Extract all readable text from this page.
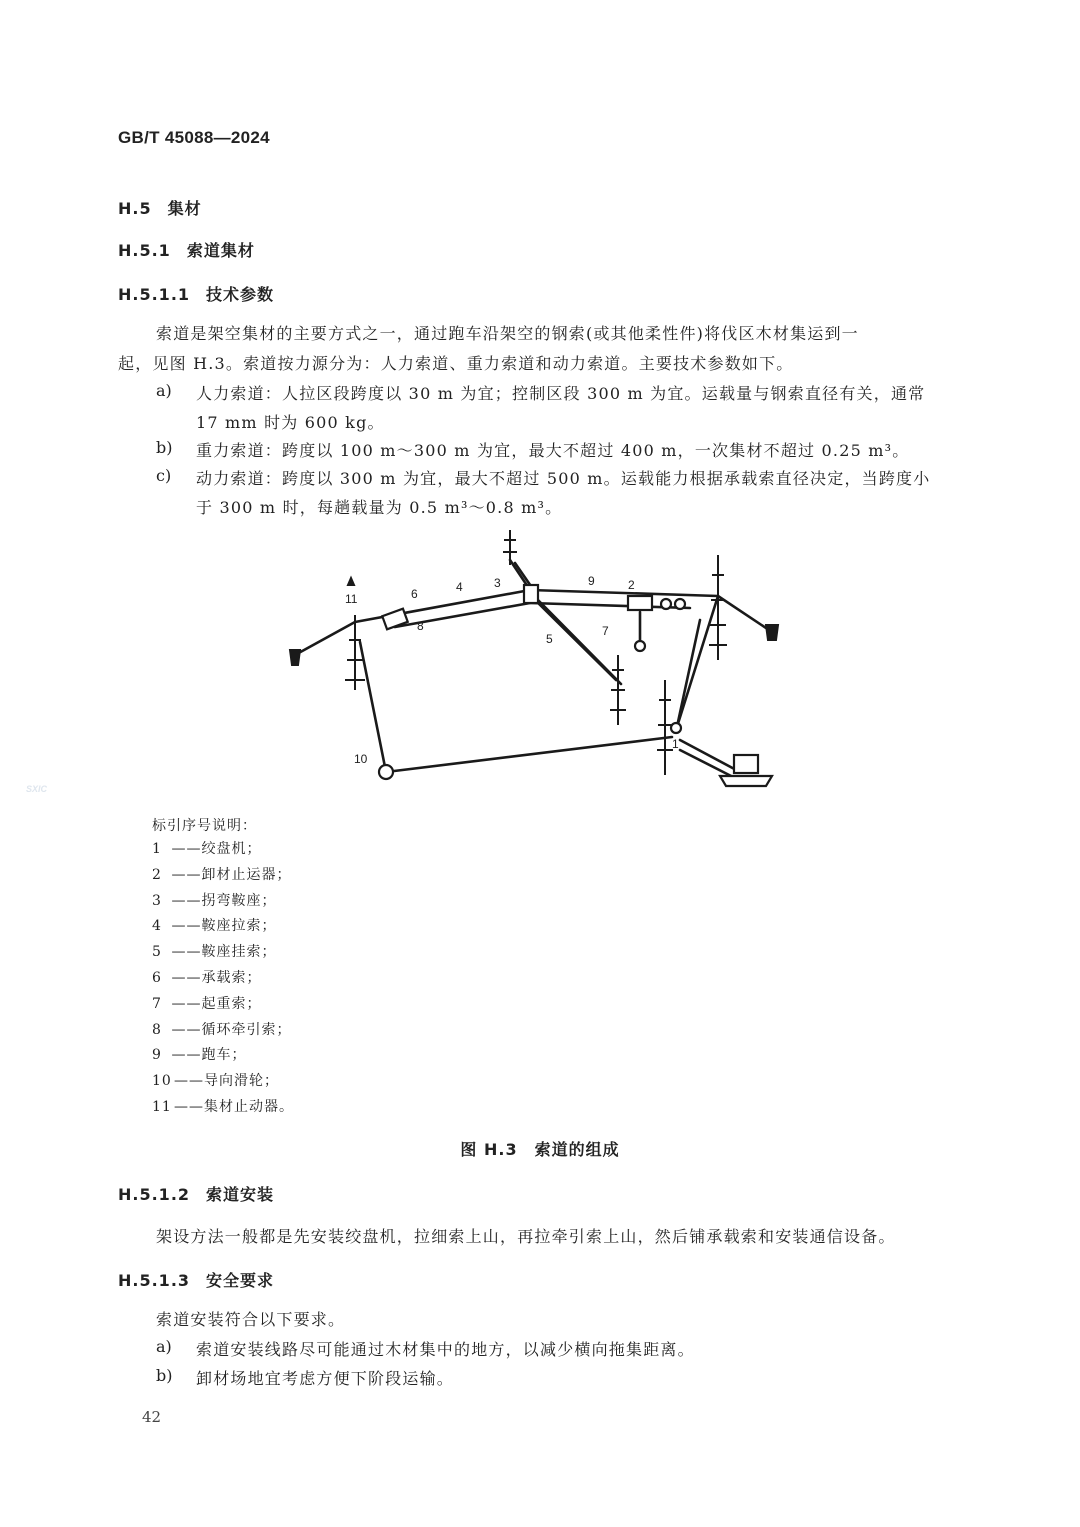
SXIC
GB/T 45088—2024
H.5 集材
H.5.1 索道集材
H.5.1.1 技术参数
索道是架空集材的主要方式之一，通过跑车沿架空的钢索(或其他柔性件)将伐区木材集运到一
起，见图 H.3。索道按力源分为：人力索道、重力索道和动力索道。主要技术参数如下。
a) 人力索道：人拉区段跨度以 30 m 为宜；控制区段 300 m 为宜。运载量与钢索直径有关，通常
17 mm 时为 600 kg。
b) 重力索道：跨度以 100 m～300 m 为宜，最大不超过 400 m，一次集材不超过 0.25 m³。
c) 动力索道：跨度以 300 m 为宜，最大不超过 500 m。运载能力根据承载索直径决定，当跨度小
于 300 m 时，每趟载量为 0.5 m³～0.8 m³。
1
2
3
4
5
6
7
8
9
10
11
标引序号说明：
1 ——绞盘机；
2 ——卸材止运器；
3 ——拐弯鞍座；
4 ——鞍座拉索；
5 ——鞍座挂索；
6 ——承载索；
7 ——起重索；
8 ——循环牵引索；
9 ——跑车；
10 ——导向滑轮；
11 ——集材止动器。
图 H.3　索道的组成
H.5.1.2 索道安装
架设方法一般都是先安装绞盘机，拉细索上山，再拉牵引索上山，然后铺承载索和安装通信设备。
H.5.1.3 安全要求
索道安装符合以下要求。
a) 索道安装线路尽可能通过木材集中的地方，以减少横向拖集距离。
b) 卸材场地宜考虑方便下阶段运输。
42
